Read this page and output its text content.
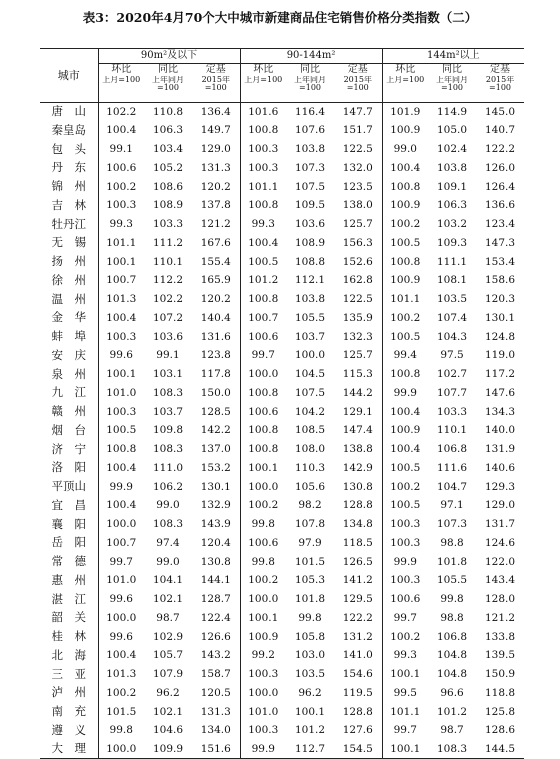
表3：2020年4月70个大中城市新建商品住宅销售价格分类指数（二）
城市	90m²及以下			90-144m²			144m²以上		
	环比	同比	定基	环比	同比	定基	环比	同比	定基
	上月=100	上年同月=100	2015年=100	上月=100	上年同月=100	2015年=100	上月=100	上年同月=100	2015年=100
唐　山	102.2	110.8	136.4	101.6	116.4	147.7	101.9	114.9	145.0
秦皇岛	100.4	106.3	149.7	100.8	107.6	151.7	100.9	105.0	140.7
包　头	99.1	103.4	129.0	100.3	103.8	122.5	99.0	102.4	122.2
丹　东	100.6	105.2	131.3	100.3	107.3	132.0	100.4	103.8	126.0
锦　州	100.2	108.6	120.2	101.1	107.5	123.5	100.8	109.1	126.4
吉　林	100.3	108.9	137.8	100.8	109.5	138.0	100.9	106.3	136.6
牡丹江	99.3	103.3	121.2	99.3	103.6	125.7	100.2	103.2	123.4
无　锡	101.1	111.2	167.6	100.4	108.9	156.3	100.5	109.3	147.3
扬　州	100.1	110.1	155.4	100.5	108.8	152.6	100.8	111.1	153.4
徐　州	100.7	112.2	165.9	101.2	112.1	162.8	100.9	108.1	158.6
温　州	101.3	102.2	120.2	100.8	103.8	122.5	101.1	103.5	120.3
金　华	100.4	107.2	140.4	100.7	105.5	135.9	100.2	107.4	130.1
蚌　埠	100.3	103.6	131.6	100.6	103.7	132.3	100.5	104.3	124.8
安　庆	99.6	99.1	123.8	99.7	100.0	125.7	99.4	97.5	119.0
泉　州	100.1	103.1	117.8	100.0	104.5	115.3	100.8	102.7	117.2
九　江	101.0	108.3	150.0	100.8	107.5	144.2	99.9	107.7	147.6
赣　州	100.3	103.7	128.5	100.6	104.2	129.1	100.4	103.3	134.3
烟　台	100.5	109.8	142.2	100.8	108.5	147.4	100.9	110.1	140.0
济　宁	100.8	108.3	137.0	100.8	108.0	138.8	100.4	106.8	131.9
洛　阳	100.4	111.0	153.2	100.1	110.3	142.9	100.5	111.6	140.6
平顶山	99.9	106.2	130.1	100.0	105.6	130.8	100.2	104.7	129.3
宜　昌	100.4	99.0	132.9	100.2	98.2	128.8	100.5	97.1	129.0
襄　阳	100.0	108.3	143.9	99.8	107.8	134.8	100.3	107.3	131.7
岳　阳	100.7	97.4	120.4	100.6	97.9	118.5	100.3	98.8	124.6
常　德	99.7	99.0	130.8	99.8	101.5	126.5	99.9	101.8	122.0
惠　州	101.0	104.1	144.1	100.2	105.3	141.2	100.3	105.5	143.4
湛　江	99.6	102.1	128.7	100.0	101.8	129.5	100.6	99.8	128.0
韶　关	100.0	98.7	122.4	100.1	99.8	122.2	99.7	98.8	121.2
桂　林	99.6	102.9	126.6	100.9	105.8	131.2	100.2	106.8	133.8
北　海	100.4	105.7	143.2	99.2	103.0	141.0	99.3	104.8	139.5
三　亚	101.3	107.9	158.7	100.3	103.5	154.6	100.1	104.8	150.9
泸　州	100.2	96.2	120.5	100.0	96.2	119.5	99.5	96.6	118.8
南　充	101.5	102.1	131.3	101.0	100.1	128.8	101.1	101.2	125.8
遵　义	99.8	104.6	134.0	100.3	101.2	127.6	99.7	98.7	128.6
大　理	100.0	109.9	151.6	99.9	112.7	154.5	100.1	108.3	144.5
